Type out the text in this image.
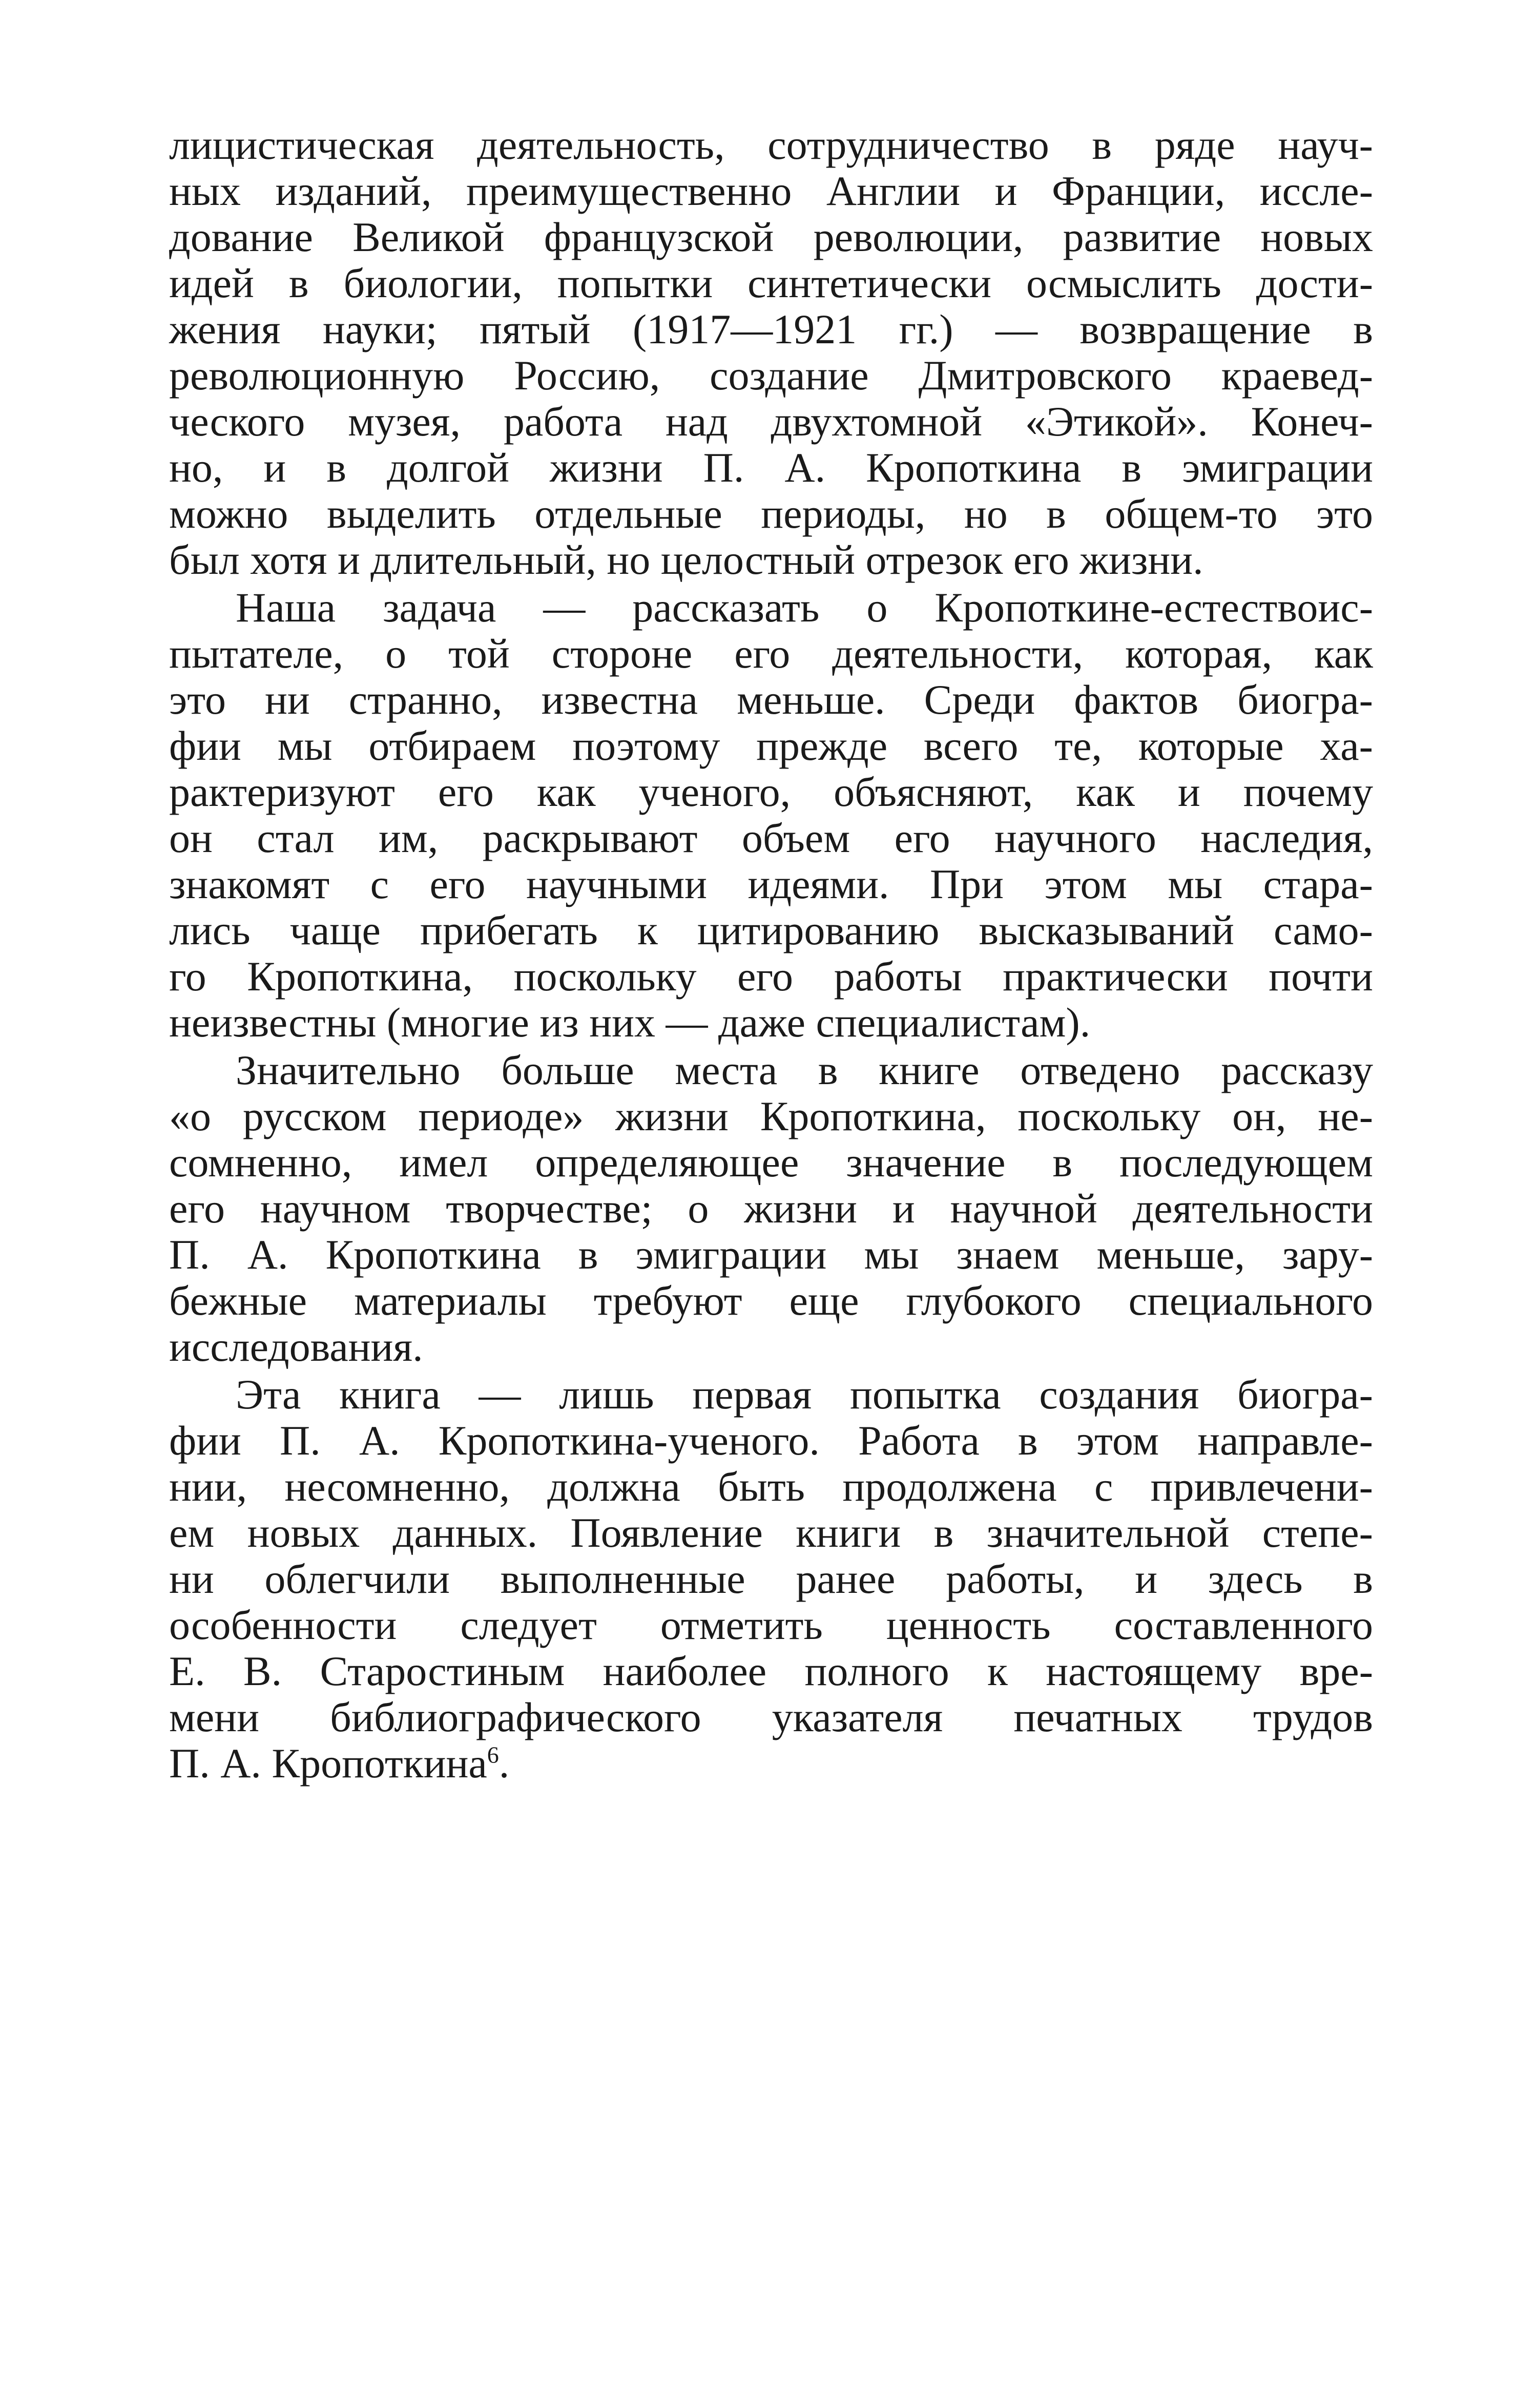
лицистическая деятельность, сотрудничество в ряде науч-
ных изданий, преимущественно Англии и Франции, иссле-
дование Великой французской революции, развитие новых
идей в биологии, попытки синтетически осмыслить дости-
жения науки; пятый (1917—1921 гг.) — возвращение в
революционную Россию, создание Дмитровского краевед-
ческого музея, работа над двухтомной «Этикой». Конеч-
но, и в долгой жизни П. А. Кропоткина в эмиграции
можно выделить отдельные периоды, но в общем-то это
был хотя и длительный, но целостный отрезок его жизни.
Наша задача — рассказать о Кропоткине-естествоис-
пытателе, о той стороне его деятельности, которая, как
это ни странно, известна меньше. Среди фактов биогра-
фии мы отбираем поэтому прежде всего те, которые ха-
рактеризуют его как ученого, объясняют, как и почему
он стал им, раскрывают объем его научного наследия,
знакомят с его научными идеями. При этом мы стара-
лись чаще прибегать к цитированию высказываний само-
го Кропоткина, поскольку его работы практически почти
неизвестны (многие из них — даже специалистам).
Значительно больше места в книге отведено рассказу
«о русском периоде» жизни Кропоткина, поскольку он, не-
сомненно, имел определяющее значение в последующем
его научном творчестве; о жизни и научной деятельности
П. А. Кропоткина в эмиграции мы знаем меньше, зару-
бежные материалы требуют еще глубокого специального
исследования.
Эта книга — лишь первая попытка создания биогра-
фии П. А. Кропоткина-ученого. Работа в этом направле-
нии, несомненно, должна быть продолжена с привлечени-
ем новых данных. Появление книги в значительной степе-
ни облегчили выполненные ранее работы, и здесь в
особенности следует отметить ценность составленного
Е. В. Старостиным наиболее полного к настоящему вре-
мени библиографического указателя печатных трудов
П. А. Кропоткина$^6$.
